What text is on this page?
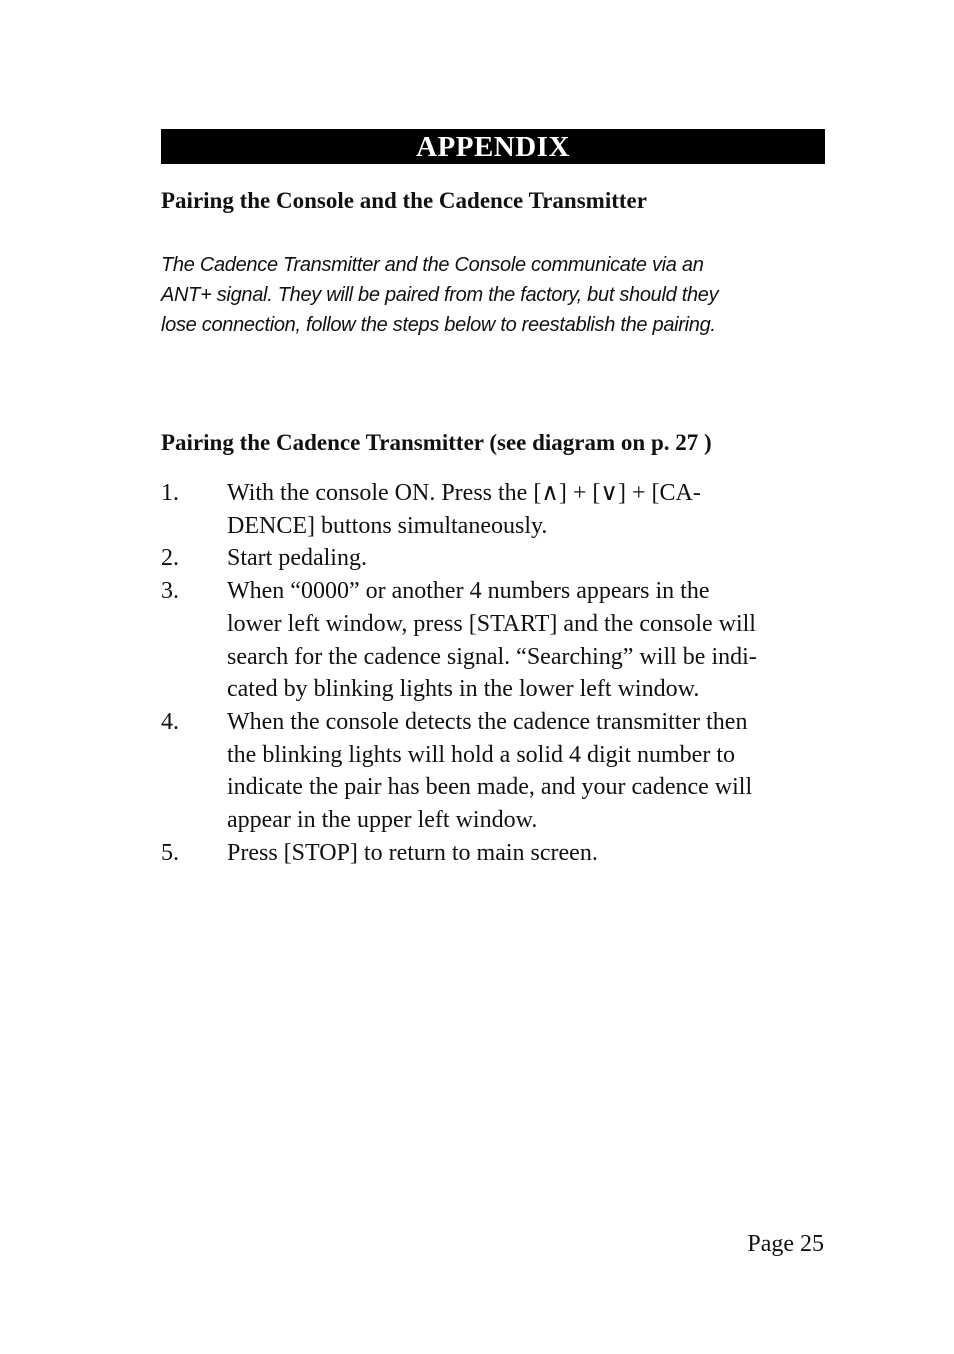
APPENDIX
Pairing the Console and the Cadence Transmitter
The Cadence Transmitter and the Console communicate via an
ANT+ signal. They will be paired from the factory, but should they
lose connection, follow the steps below to reestablish the pairing.
Pairing the Cadence Transmitter (see diagram on p. 27 )
1.	With the console ON. Press the [∧] + [∨] + [CA-
DENCE] buttons simultaneously.
2.	Start pedaling.
3.	When “0000” or another 4 numbers appears in the
lower left window, press [START] and the console will
search for the cadence signal. “Searching” will be indi-
cated by blinking lights in the lower left window.
4.	When the console detects the cadence transmitter then
the blinking lights will hold a solid 4 digit number to
indicate the pair has been made, and your cadence will
appear in the upper left window.
5.	Press [STOP] to return to main screen.
Page 25
